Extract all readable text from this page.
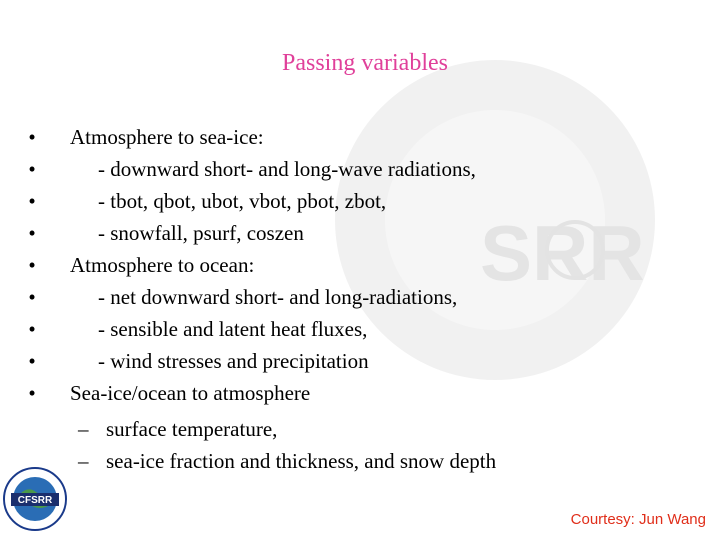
SRR
Passing variables
•	Atmosphere to sea-ice:
•	- downward short- and long-wave radiations,
•	- tbot, qbot, ubot, vbot, pbot, zbot,
•	- snowfall, psurf, coszen
•	Atmosphere to ocean:
•	- net downward short- and long-radiations,
•	- sensible and latent heat fluxes,
•	- wind stresses and precipitation
•	Sea-ice/ocean to atmosphere
– surface temperature,
– sea-ice fraction and thickness, and snow depth
CFSRR
Courtesy: Jun Wang
